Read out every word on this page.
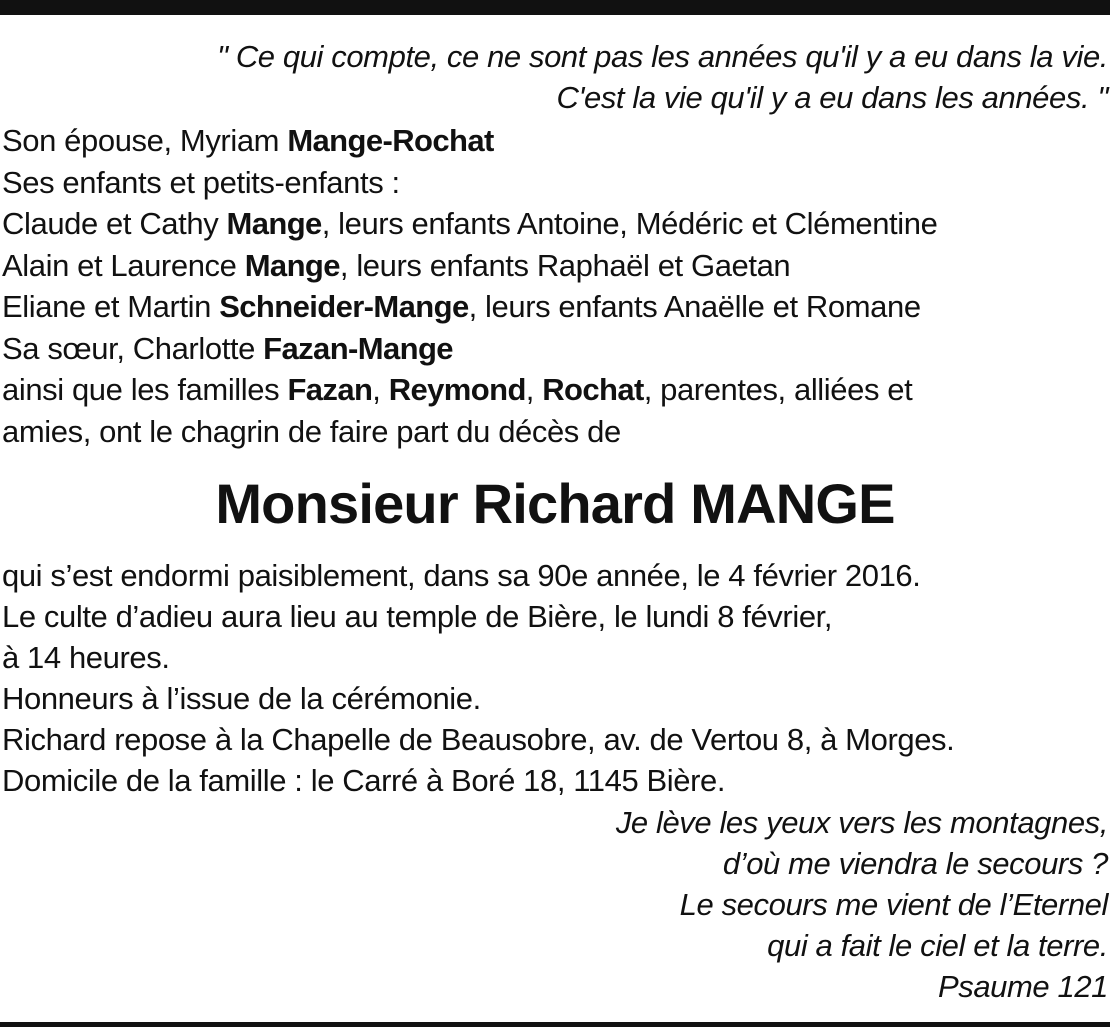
" Ce qui compte, ce ne sont pas les années qu'il y a eu dans la vie.
C'est la vie qu'il y a eu dans les années. "
Son épouse, Myriam Mange-Rochat
Ses enfants et petits-enfants :
Claude et Cathy Mange, leurs enfants Antoine, Médéric et Clémentine
Alain et Laurence Mange, leurs enfants Raphaël et Gaetan
Eliane et Martin Schneider-Mange, leurs enfants Anaëlle et Romane
Sa sœur, Charlotte Fazan-Mange
ainsi que les familles Fazan, Reymond, Rochat, parentes, alliées et
amies, ont le chagrin de faire part du décès de
Monsieur Richard MANGE
qui s’est endormi paisiblement, dans sa 90e année, le 4 février 2016.
Le culte d’adieu aura lieu au temple de Bière, le lundi 8 février,
à 14 heures.
Honneurs à l’issue de la cérémonie.
Richard repose à la Chapelle de Beausobre, av. de Vertou 8, à Morges.
Domicile de la famille : le Carré à Boré 18, 1145 Bière.
Je lève les yeux vers les montagnes,
d’où me viendra le secours ?
Le secours me vient de l’Eternel
qui a fait le ciel et la terre.
Psaume 121
